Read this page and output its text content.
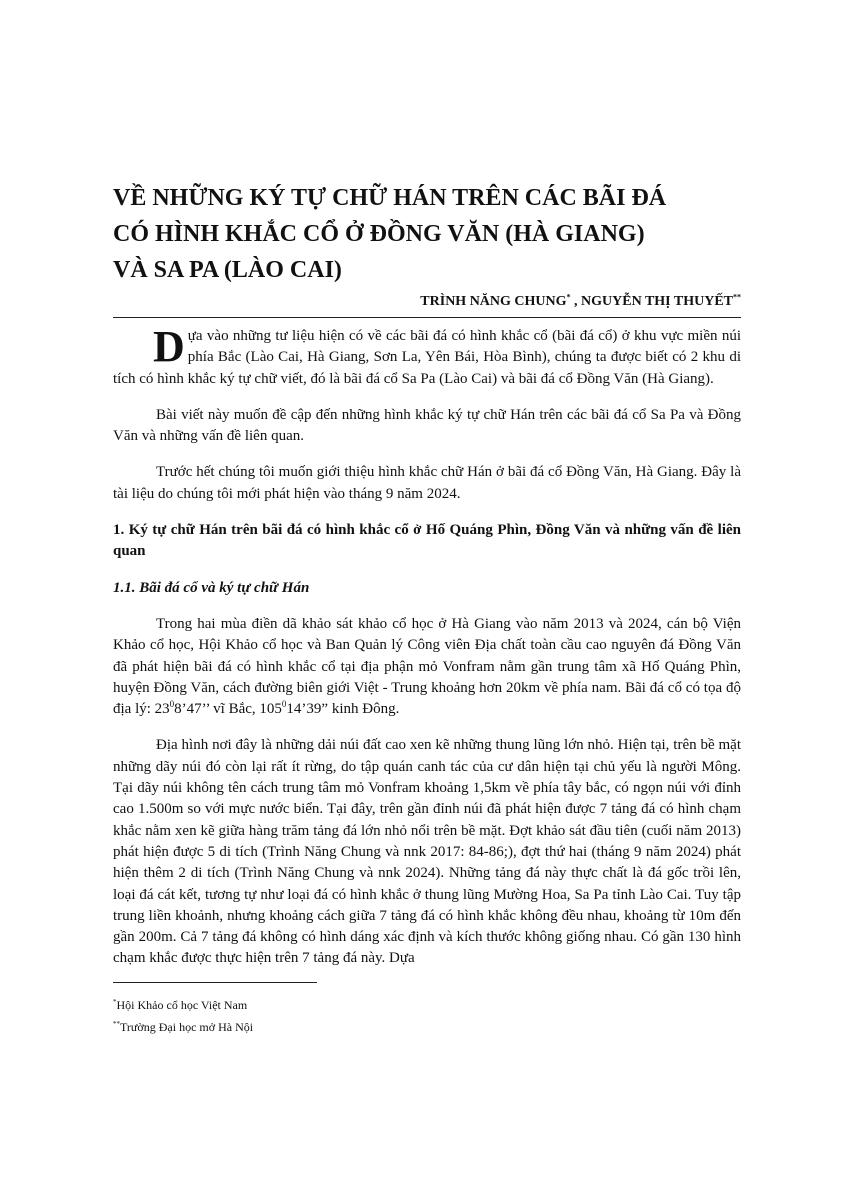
VỀ NHỮNG KÝ TỰ CHỮ HÁN TRÊN CÁC BÃI ĐÁ
CÓ HÌNH KHẮC CỔ Ở ĐỒNG VĂN (HÀ GIANG)
VÀ SA PA (LÀO CAI)
TRÌNH NĂNG CHUNG* , NGUYỄN THỊ THUYẾT**

Dựa vào những tư liệu hiện có về các bãi đá có hình khắc cổ (bãi đá cổ) ở khu vực miền núi phía Bắc (Lào Cai, Hà Giang, Sơn La, Yên Bái, Hòa Bình), chúng ta được biết có 2 khu di tích có hình khắc ký tự chữ viết, đó là bãi đá cổ Sa Pa (Lào Cai) và bãi đá cổ Đồng Văn (Hà Giang).

Bài viết này muốn đề cập đến những hình khắc ký tự chữ Hán trên các bãi đá cổ Sa Pa và Đồng Văn và những vấn đề liên quan.

Trước hết chúng tôi muốn giới thiệu hình khắc chữ Hán ở bãi đá cổ Đồng Văn, Hà Giang. Đây là tài liệu do chúng tôi mới phát hiện vào tháng 9 năm 2024.

1. Ký tự chữ Hán trên bãi đá có hình khắc cổ ở Hố Quáng Phìn, Đồng Văn và những vấn đề liên quan

1.1. Bãi đá cổ và ký tự chữ Hán

Trong hai mùa điền dã khảo sát khảo cổ học ở Hà Giang vào năm 2013 và 2024, cán bộ Viện Khảo cổ học, Hội Khảo cổ học và Ban Quản lý Công viên Địa chất toàn cầu cao nguyên đá Đồng Văn đã phát hiện bãi đá có hình khắc cổ tại địa phận mỏ Vonfram nằm gần trung tâm xã Hố Quáng Phìn, huyện Đồng Văn, cách đường biên giới Việt - Trung khoảng hơn 20km về phía nam. Bãi đá cổ có tọa độ địa lý: $23^08’47$’’ vĩ Bắc, $105^014’39$” kinh Đông.

Địa hình nơi đây là những dải núi đất cao xen kẽ những thung lũng lớn nhỏ. Hiện tại, trên bề mặt những dãy núi đó còn lại rất ít rừng, do tập quán canh tác của cư dân hiện tại chủ yếu là người Mông. Tại dãy núi không tên cách trung tâm mỏ Vonfram khoảng 1,5km về phía tây bắc, có ngọn núi với đỉnh cao 1.500m so với mực nước biển. Tại đây, trên gần đỉnh núi đã phát hiện được 7 tảng đá có hình chạm khắc nằm xen kẽ giữa hàng trăm tảng đá lớn nhỏ nổi trên bề mặt. Đợt khảo sát đầu tiên (cuối năm 2013) phát hiện được 5 di tích (Trình Năng Chung và nnk 2017: 84-86;), đợt thứ hai (tháng 9 năm 2024) phát hiện thêm 2 di tích (Trình Năng Chung và nnk 2024). Những tảng đá này thực chất là đá gốc trồi lên, loại đá cát kết, tương tự như loại đá có hình khắc ở thung lũng Mường Hoa, Sa Pa tỉnh Lào Cai. Tuy tập trung liền khoảnh, nhưng khoảng cách giữa 7 tảng đá có hình khắc không đều nhau, khoảng từ 10m đến gần 200m. Cả 7 tảng đá không có hình dáng xác định và kích thước không giống nhau. Có gần 130 hình chạm khắc được thực hiện trên 7 tảng đá này. Dựa

*Hội Khảo cổ học Việt Nam
**Trường Đại học mở Hà Nội
